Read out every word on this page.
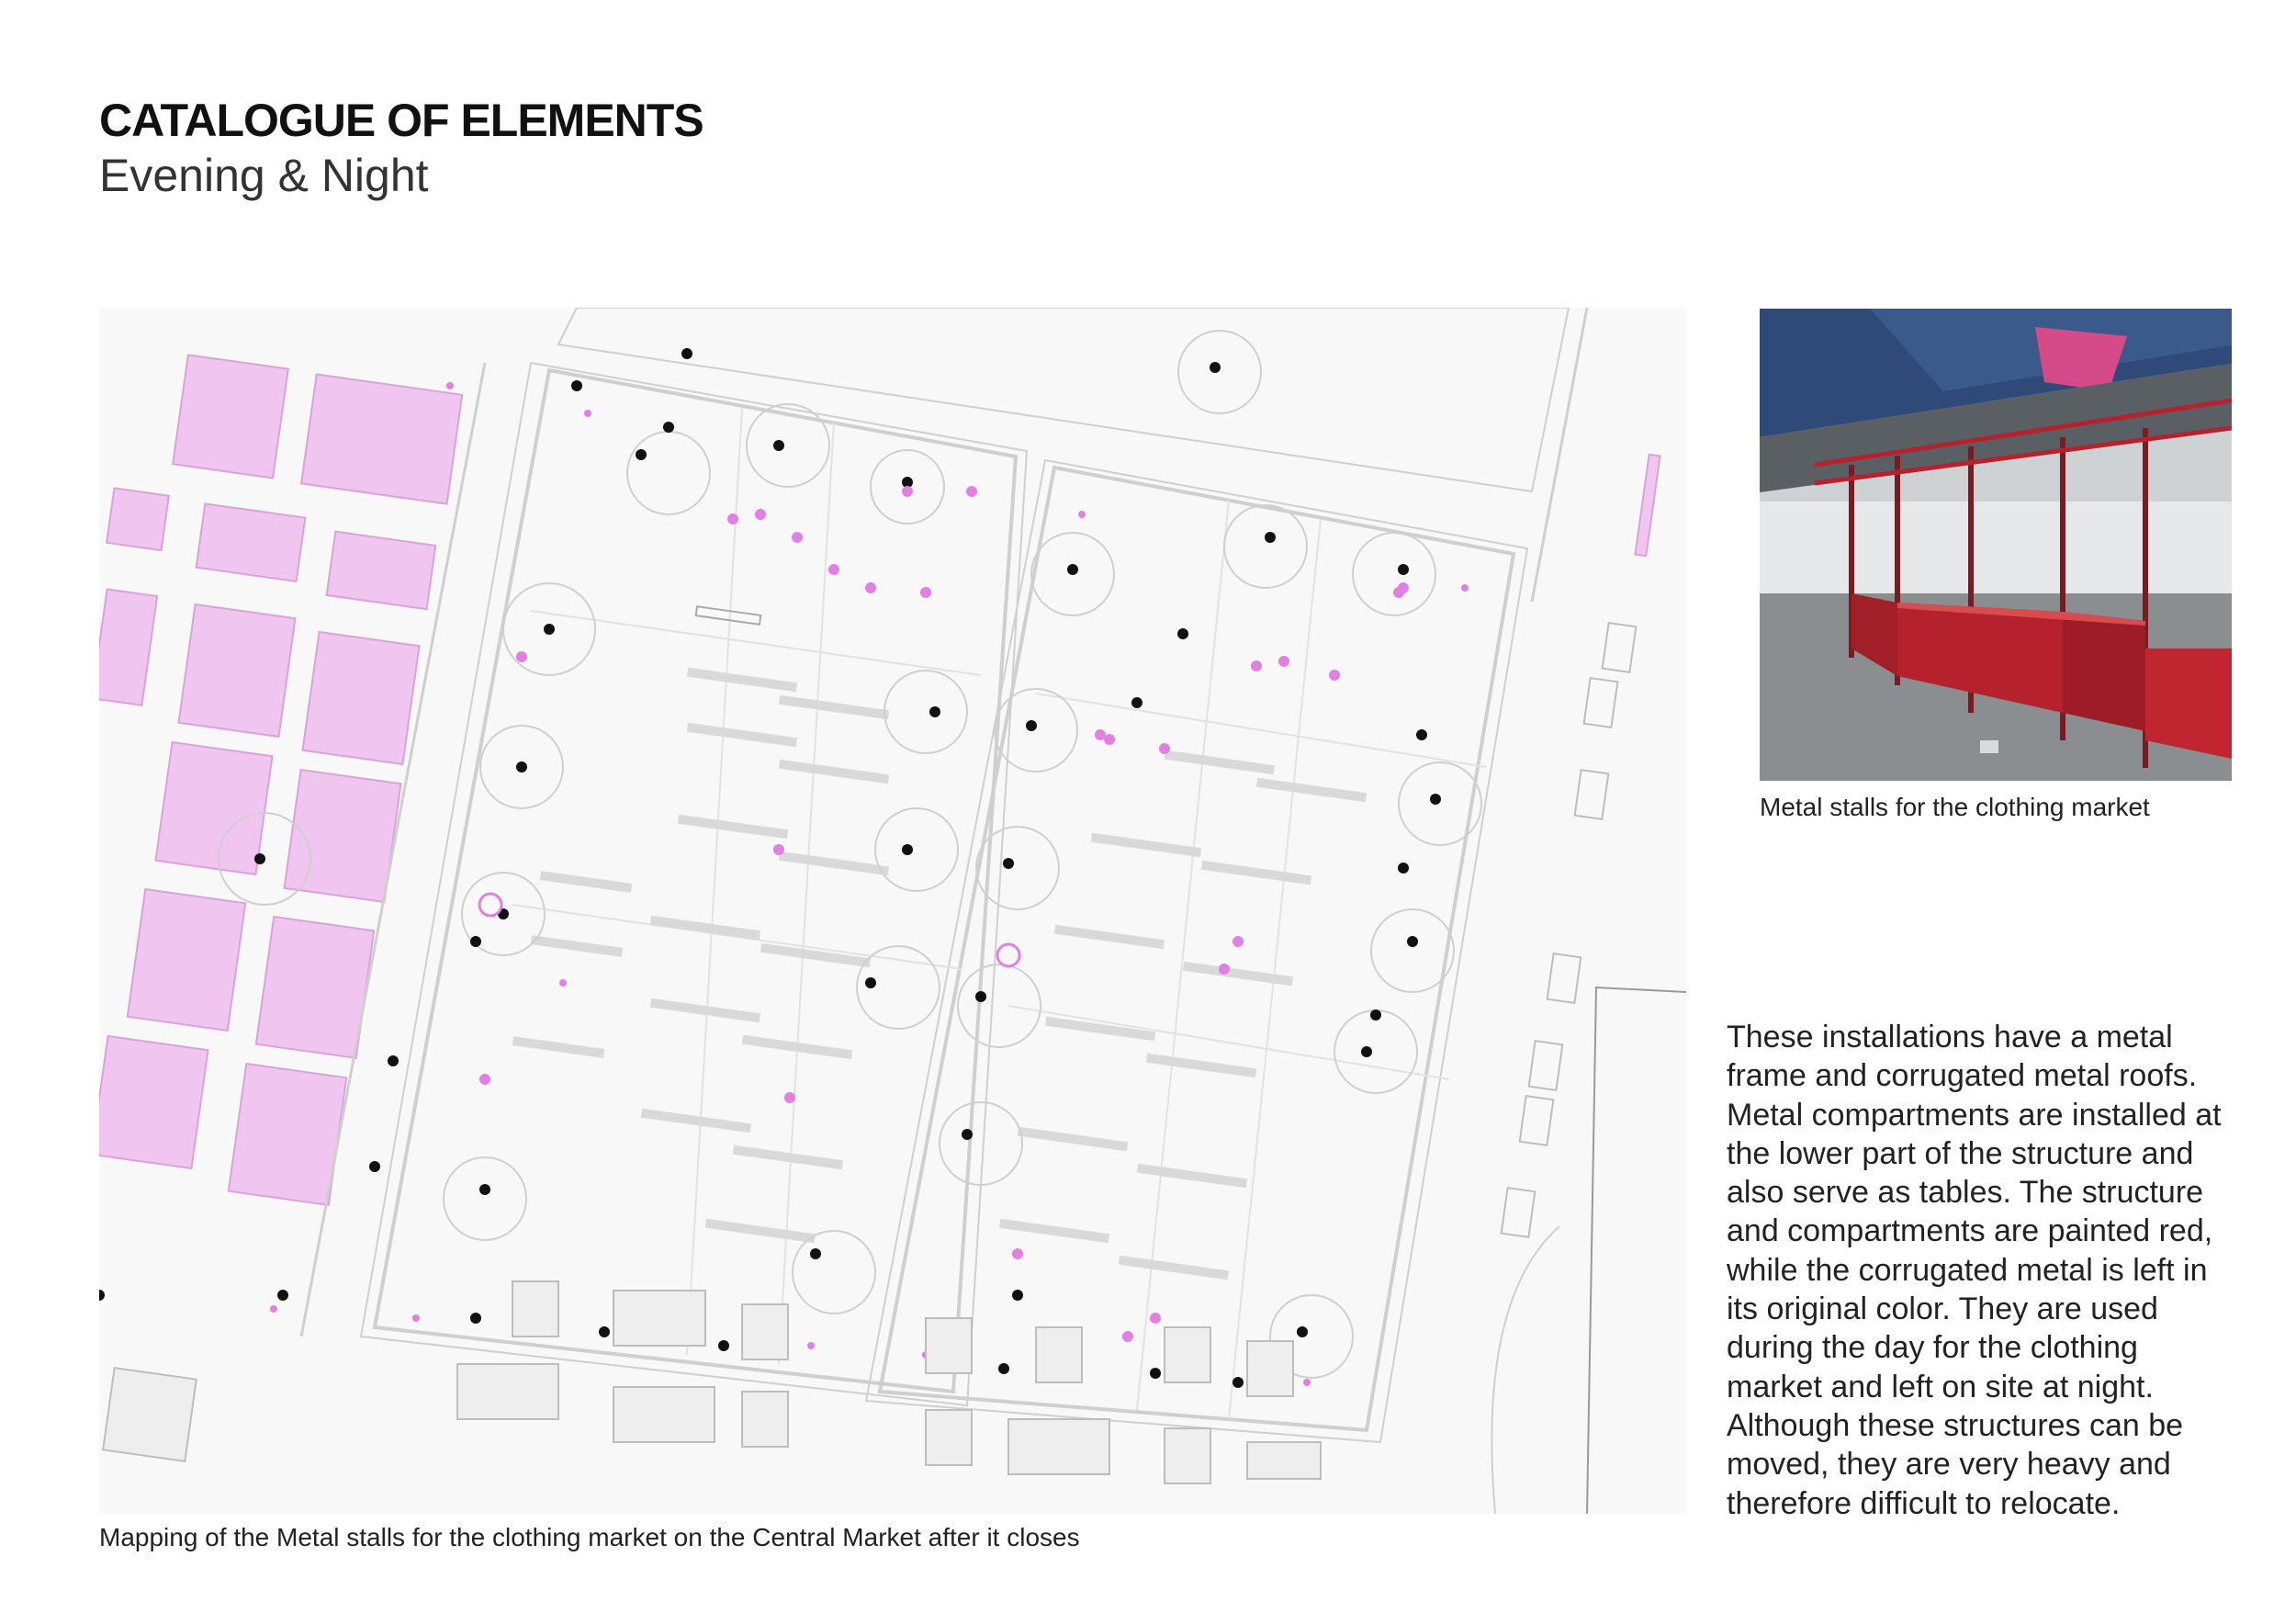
CATALOGUE OF ELEMENTS
Evening & Night
Mapping of the Metal stalls for the clothing market on the Central Market after it closes
Metal stalls for the clothing market
These installations have a metal frame and corrugated metal roofs. Metal compartments are installed at the lower part of the structure and also serve as tables. The structure and compartments are painted red, while the corrugated metal is left in its original color. They are used during the day for the clothing market and left on site at night. Although these structures can be moved, they are very heavy and therefore difficult to relocate.
